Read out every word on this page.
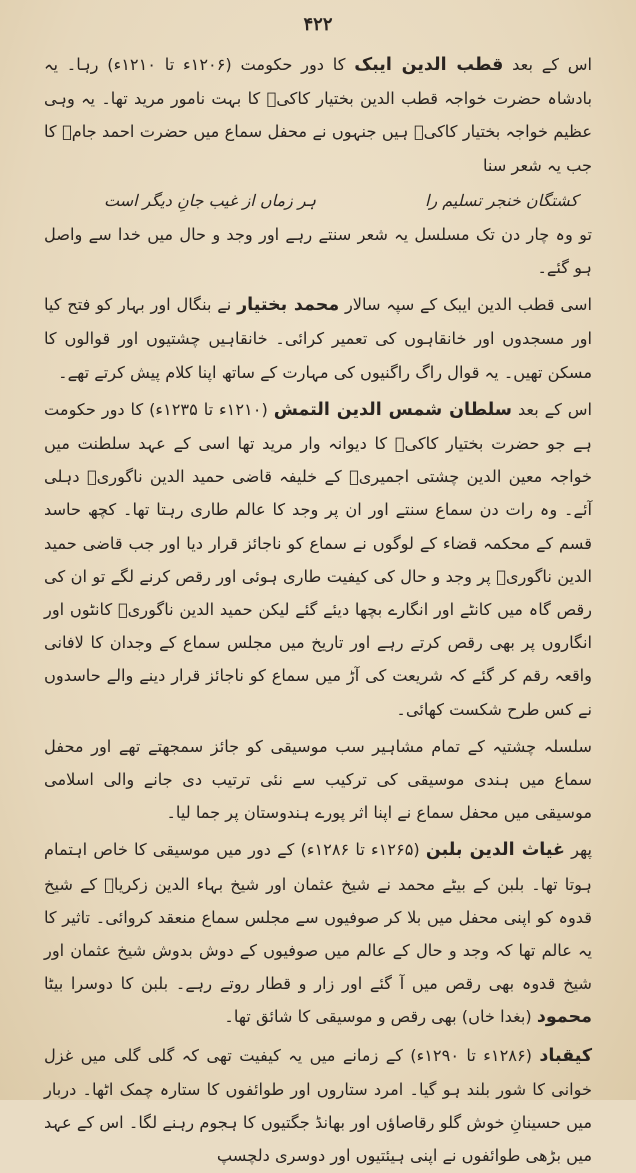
۴۲۲

اس کے بعد قطب الدین ایبک کا دور حکومت (۱۲۰۶ء تا ۱۲۱۰ء) رہا۔ یہ بادشاہ حضرت خواجہ قطب الدین بختیار کاکیؒ کا بہت نامور مرید تھا۔ یہ وہی عظیم خواجہ بختیار کاکیؒ ہیں جنہوں نے محفل سماع میں حضرت احمد جامؒ کا جب یہ شعر سنا

کشتگان خنجر تسلیم را
ہر زماں از غیب جانِ دیگر است

تو وہ چار دن تک مسلسل یہ شعر سنتے رہے اور وجد و حال میں خدا سے واصل ہو گئے۔

اسی قطب الدین ایبک کے سپہ سالار محمد بختیار نے بنگال اور بہار کو فتح کیا اور مسجدوں اور خانقاہوں کی تعمیر کرائی۔ خانقاہیں چشتیوں اور قوالوں کا مسکن تھیں۔ یہ قوال راگ راگنیوں کی مہارت کے ساتھ اپنا کلام پیش کرتے تھے۔

اس کے بعد سلطان شمس الدین التمش (۱۲۱۰ء تا ۱۲۳۵ء) کا دور حکومت ہے جو حضرت بختیار کاکیؒ کا دیوانہ وار مرید تھا اسی کے عہد سلطنت میں خواجہ معین الدین چشتی اجمیریؒ کے خلیفہ قاضی حمید الدین ناگوریؒ دہلی آئے۔ وہ رات دن سماع سنتے اور ان پر وجد کا عالم طاری رہتا تھا۔ کچھ حاسد قسم کے محکمہ قضاء کے لوگوں نے سماع کو ناجائز قرار دیا اور جب قاضی حمید الدین ناگوریؒ پر وجد و حال کی کیفیت طاری ہوئی اور رقص کرنے لگے تو ان کی رقص گاہ میں کانٹے اور انگارے بچھا دیئے گئے لیکن حمید الدین ناگوریؒ کانٹوں اور انگاروں پر بھی رقص کرتے رہے اور تاریخ میں مجلس سماع کے وجدان کا لافانی واقعہ رقم کر گئے کہ شریعت کی آڑ میں سماع کو ناجائز قرار دینے والے حاسدوں نے کس طرح شکست کھائی۔

سلسلہ چشتیہ کے تمام مشاہیر سب موسیقی کو جائز سمجھتے تھے اور محفل سماع میں ہندی موسیقی کی ترکیب سے نئی ترتیب دی جانے والی اسلامی موسیقی میں محفل سماع نے اپنا اثر پورے ہندوستان پر جما لیا۔

پھر غیاث الدین بلبن (۱۲۶۵ء تا ۱۲۸۶ء) کے دور میں موسیقی کا خاص اہتمام ہوتا تھا۔ بلبن کے بیٹے محمد نے شیخ عثمان اور شیخ بہاء الدین زکریاؒ کے شیخ قدوہ کو اپنی محفل میں بلا کر صوفیوں سے مجلس سماع منعقد کروائی۔ تاثیر کا یہ عالم تھا کہ وجد و حال کے عالم میں صوفیوں کے دوش بدوش شیخ عثمان اور شیخ قدوہ بھی رقص میں آ گئے اور زار و قطار روتے رہے۔ بلبن کا دوسرا بیٹا محمود (بغدا خاں) بھی رقص و موسیقی کا شائق تھا۔

کیقباد (۱۲۸۶ء تا ۱۲۹۰ء) کے زمانے میں یہ کیفیت تھی کہ گلی گلی میں غزل خوانی کا شور بلند ہو گیا۔ امرد ستاروں اور طوائفوں کا ستارہ چمک اٹھا۔ دربار میں حسینانِ خوش گلو رقاصاؤں اور بھانڈ جگتیوں کا ہجوم رہنے لگا۔ اس کے عہد میں بڑھی طوائفوں نے اپنی ہیئتیوں اور دوسری دلچسپ
